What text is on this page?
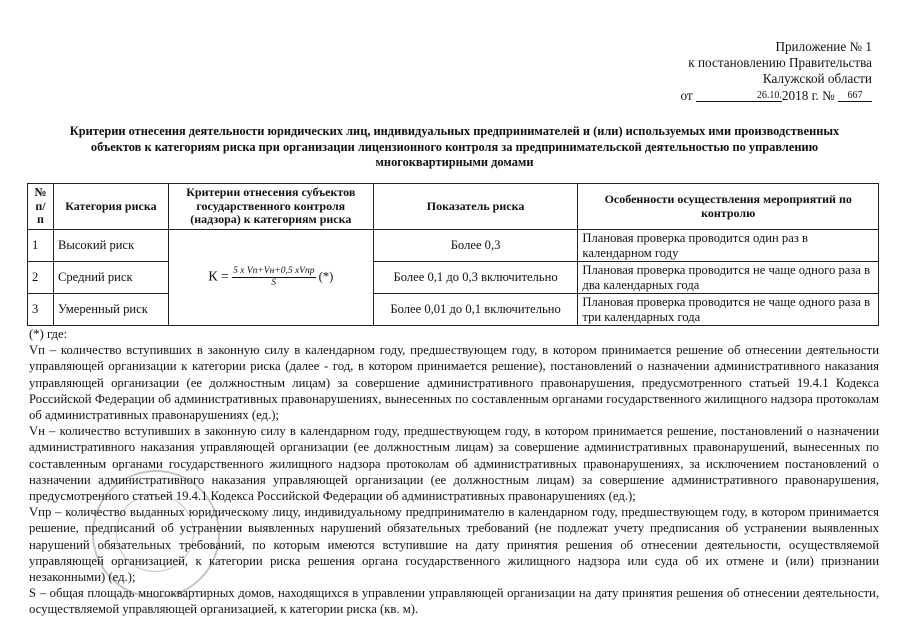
Приложение № 1
к постановлению Правительства
Калужской области
от	26.10.2018 г. № 667
Критерии отнесения деятельности юридических лиц, индивидуальных предпринимателей и (или) используемых ими производственных объектов к категориям риска при организации лицензионного контроля за предпринимательской деятельностью по управлению многоквартирными домами
№ п/п	Категория риска	Критерии отнесения субъектов государственного контроля (надзора) к категориям риска	Показатель риска	Особенности осуществления мероприятий по контролю
1	Высокий риск	$К = \frac{\text{5 x Vп+Vн+0,5 xVпр}}{S}$ (*)	Более 0,3	Плановая проверка проводится один раз в календарном году
2	Средний риск		Более 0,1 до 0,3 включительно	Плановая проверка проводится не чаще одного раза в два календарных года
3	Умеренный риск		Более 0,01 до 0,1 включительно	Плановая проверка проводится не чаще одного раза в три календарных года

(*) где:

Vп – количество вступивших в законную силу в календарном году, предшествующем году, в котором принимается решение об отнесении деятельности управляющей организации к категории риска (далее - год, в котором принимается решение), постановлений о назначении административного наказания управляющей организации (ее должностным лицам) за совершение административного правонарушения, предусмотренного статьей 19.4.1 Кодекса Российской Федерации об административных правонарушениях, вынесенных по составленным органами государственного жилищного надзора протоколам об административных правонарушениях (ед.);

Vн – количество вступивших в законную силу в календарном году, предшествующем году, в котором принимается решение, постановлений о назначении административного наказания управляющей организации (ее должностным лицам) за совершение административных правонарушений, вынесенных по составленным органами государственного жилищного надзора протоколам об административных правонарушениях, за исключением постановлений о назначении административного наказания управляющей организации (ее должностным лицам) за совершение административного правонарушения, предусмотренного статьей 19.4.1 Кодекса Российской Федерации об административных правонарушениях (ед.);

Vпр – количество выданных юридическому лицу, индивидуальному предпринимателю в календарном году, предшествующем году, в котором принимается решение, предписаний об устранении выявленных нарушений обязательных требований (не подлежат учету предписания об устранении выявленных нарушений обязательных требований, по которым имеются вступившие на дату принятия решения об отнесении деятельности, осуществляемой управляющей организацией, к категории риска решения органа государственного жилищного надзора или суда об их отмене и (или) признании незаконными) (ед.);

S – общая площадь многоквартирных домов, находящихся в управлении управляющей организации на дату принятия решения об отнесении деятельности, осуществляемой управляющей организацией, к категории риска (кв. м).
